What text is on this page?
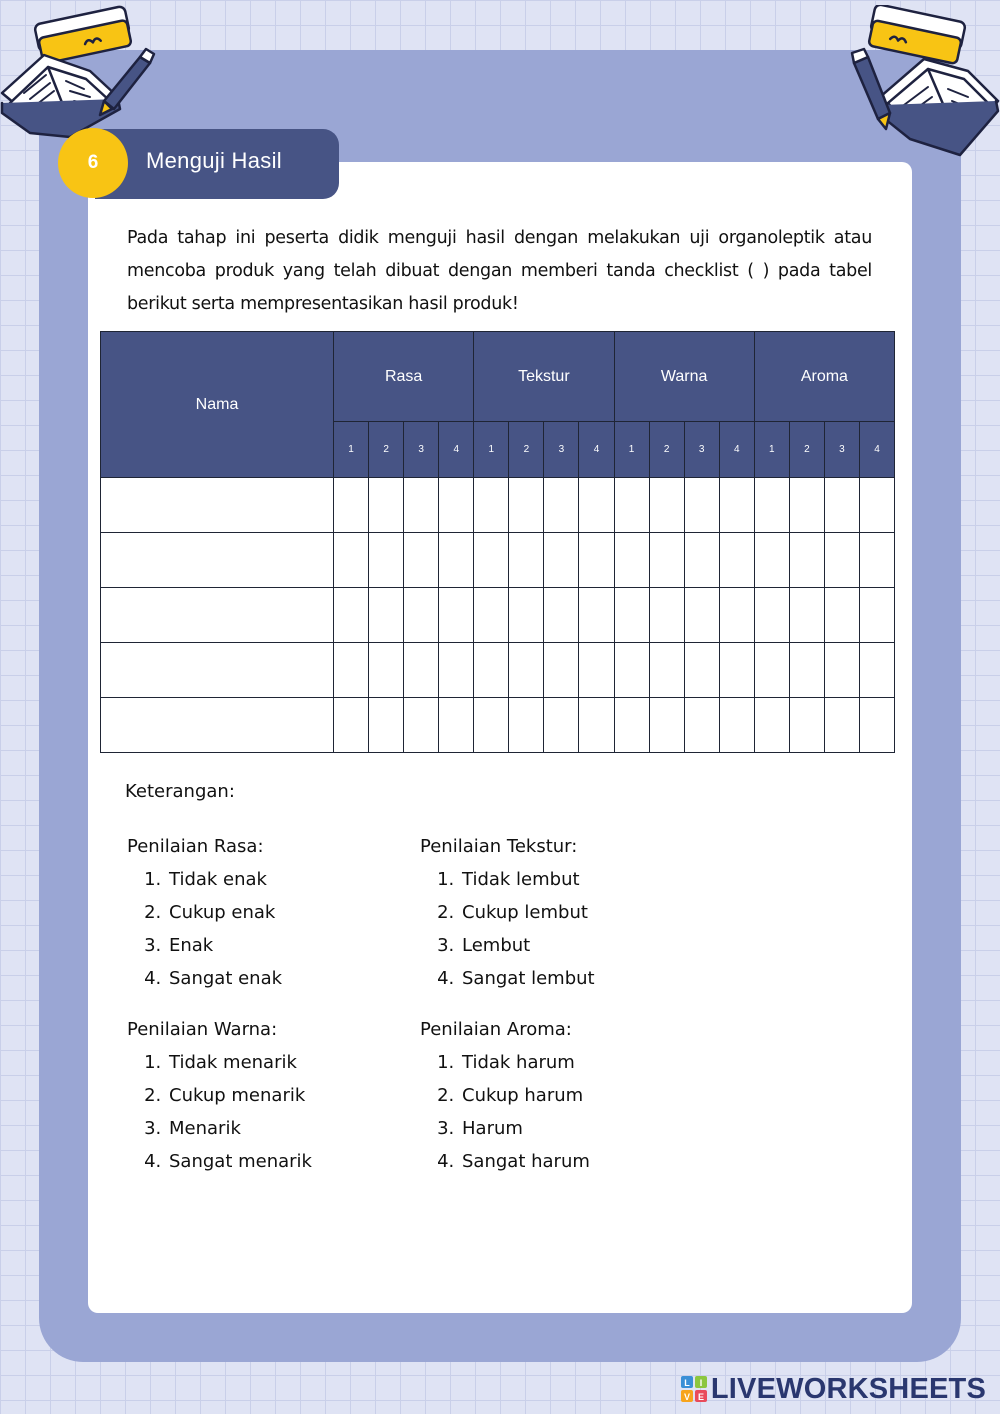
6	Menguji Hasil
Pada tahap ini peserta didik menguji hasil dengan melakukan uji organoleptik atau mencoba produk yang telah dibuat dengan memberi tanda checklist ( ) pada tabel berikut serta mempresentasikan hasil produk!
Nama	Rasa				Tekstur				Warna				Aroma			
	1	2	3	4	1	2	3	4	1	2	3	4	1	2	3	4

Keterangan:
Penilaian Rasa:
1. Tidak enak
2. Cukup enak
3. Enak
4. Sangat enak
Penilaian Tekstur:
1. Tidak lembut
2. Cukup lembut
3. Lembut
4. Sangat lembut
Penilaian Warna:
1. Tidak menarik
2. Cukup menarik
3. Menarik
4. Sangat menarik
Penilaian Aroma:
1. Tidak harum
2. Cukup harum
3. Harum
4. Sangat harum
L I
V E LIVEWORKSHEETS
